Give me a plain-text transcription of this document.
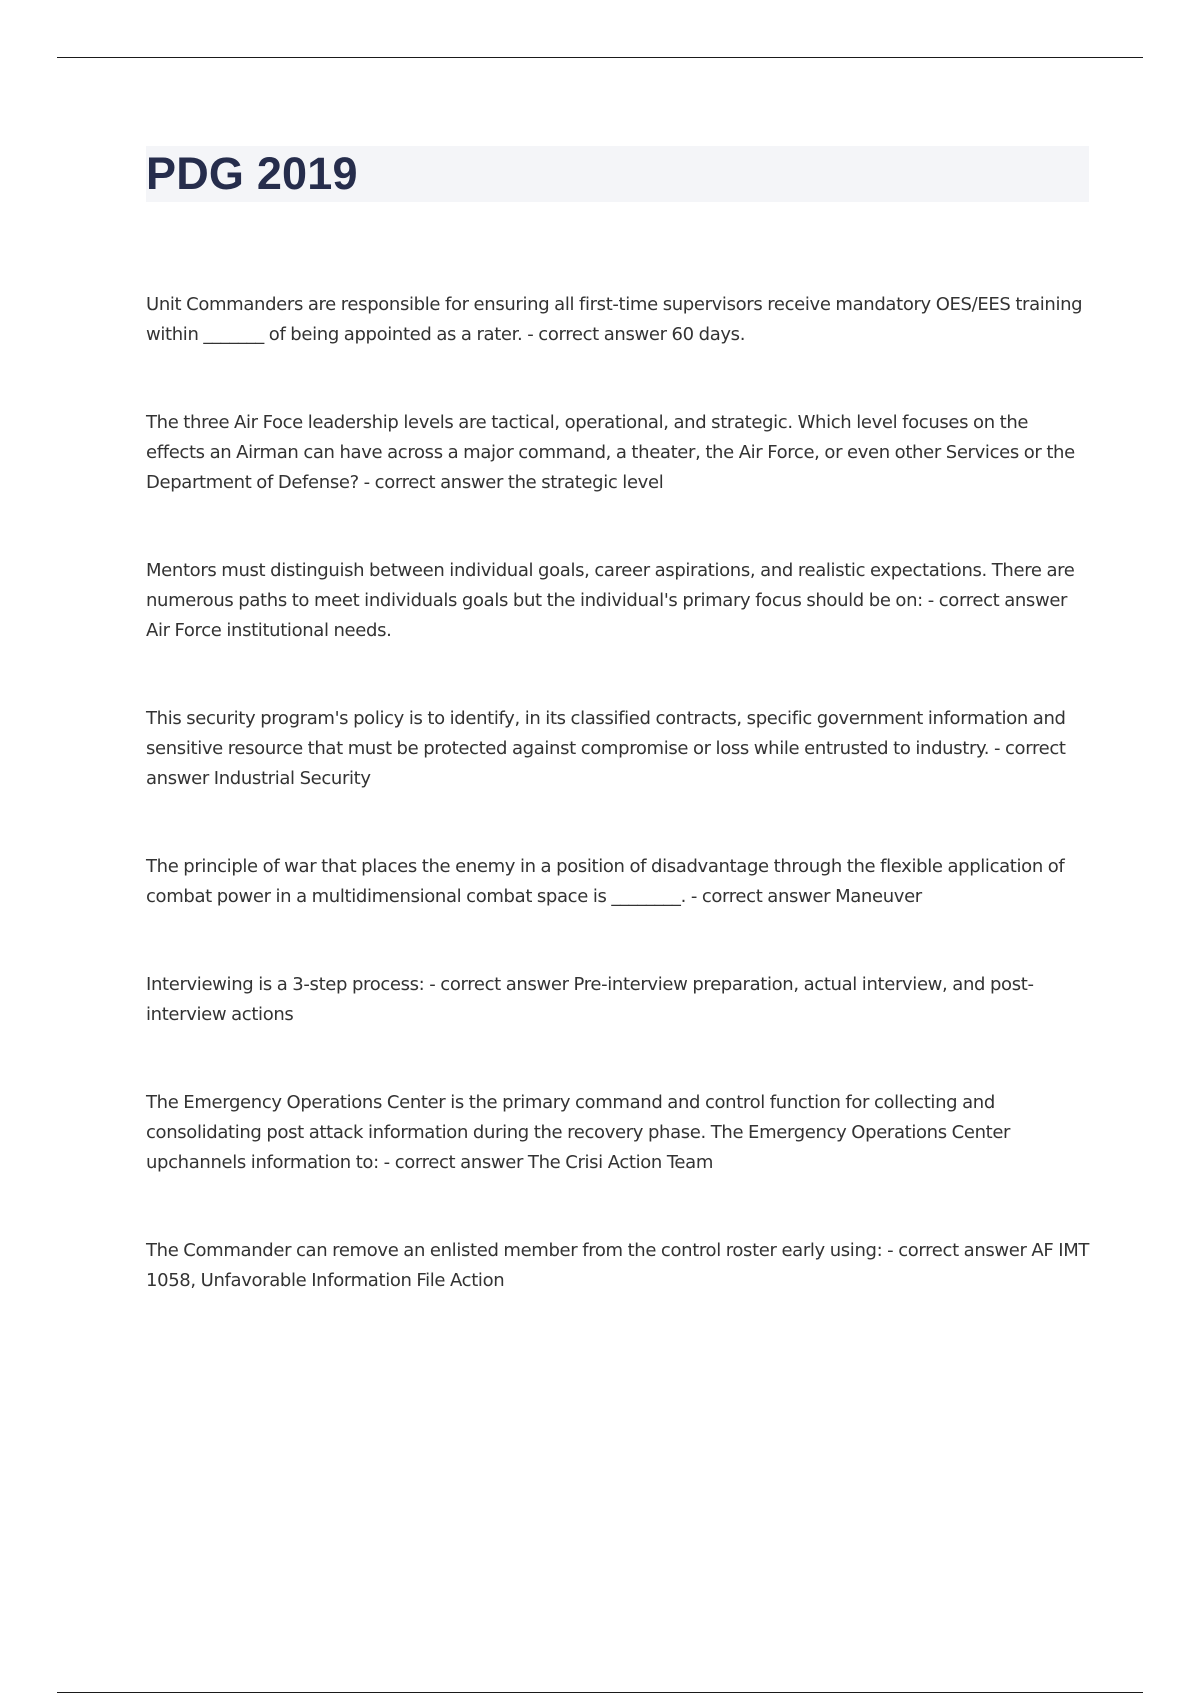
PDG 2019
Unit Commanders are responsible for ensuring all first-time supervisors receive mandatory OES/EES training within _______ of being appointed as a rater. - correct answer 60 days.
The three Air Foce leadership levels are tactical, operational, and strategic. Which level focuses on the effects an Airman can have across a major command, a theater, the Air Force, or even other Services or the Department of Defense? - correct answer the strategic level
Mentors must distinguish between individual goals, career aspirations, and realistic expectations. There are numerous paths to meet individuals goals but the individual's primary focus should be on: - correct answer Air Force institutional needs.
This security program's policy is to identify, in its classified contracts, specific government information and sensitive resource that must be protected against compromise or loss while entrusted to industry. - correct answer Industrial Security
The principle of war that places the enemy in a position of disadvantage through the flexible application of combat power in a multidimensional combat space is ________. - correct answer Maneuver
Interviewing is a 3-step process: - correct answer Pre-interview preparation, actual interview, and post-interview actions
The Emergency Operations Center is the primary command and control function for collecting and consolidating post attack information during the recovery phase. The Emergency Operations Center upchannels information to: - correct answer The Crisi Action Team
The Commander can remove an enlisted member from the control roster early using: - correct answer AF IMT 1058, Unfavorable Information File Action
